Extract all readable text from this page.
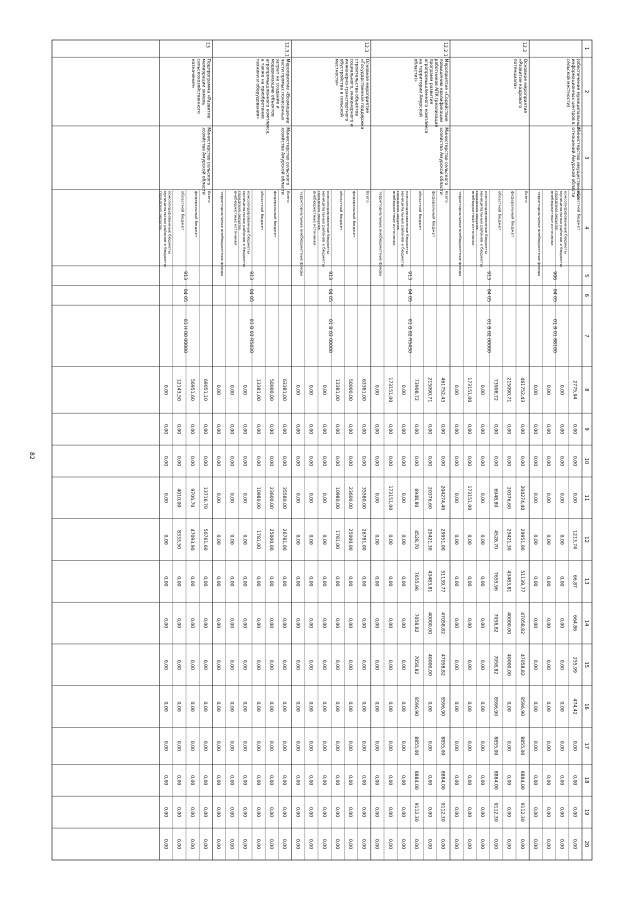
82
1
2
3
4
5
6
7
8
9
10
11
12
13
14
15
16
17
18
19
20
(обеспечение муниципальныхинформационных центров всельской местности)
Министерство имущественныхотношений Амурской области
906
04 05
01 В 01 88100
областной бюджет
2775,94
0,00
0,00
0,00
1213,74
66,87
664,86
255,99
474,42
0,00
0,00
0,00
0,00
консолидированные бюджетымуниципальных районов и бюджетыгородских округов
0,00
0,00
0,00
0,00
0,00
0,00
0,00
0,00
0,00
0,00
0,00
0,00
0,00
внебюджетные источники
0,00
0,00
0,00
0,00
0,00
0,00
0,00
0,00
0,00
0,00
0,00
0,00
0,00
территориальные внебюджетные фонды
0,00
0,00
0,00
0,00
0,00
0,00
0,00
0,00
0,00
0,00
0,00
0,00
0,00
12.2
Основное мероприятие«Развитие кадровогопотенциала»
913
04 05
01 В 02 00000
Всего
461752,43
0,00
0,00
204274,40
29951,00
51139,77
47058,82
47058,82
8596,90
8855,00
8884,00
9112,30
0,00
федеральный бюджет
215090,71
0,00
0,00
20376,60
25421,30
43483,81
40000,00
40000,00
0,00
0,00
0,00
0,00
0,00
областной бюджет
73908,72
0,00
0,00
6948,80
4528,70
7655,96
7058,82
7058,82
8596,90
8855,00
8884,00
9112,30
0,00
консолидированные бюджетымуниципальных районов и бюджетыгородских округов
0,00
0,00
0,00
0,00
0,00
0,00
0,00
0,00
0,00
0,00
0,00
0,00
0,00
внебюджетные источники
173151,00
0,00
0,00
173151,00
0,00
0,00
0,00
0,00
0,00
0,00
0,00
0,00
0,00
территориальные внебюджетные фонды
0,00
0,00
0,00
0,00
0,00
0,00
0,00
0,00
0,00
0,00
0,00
0,00
0,00
12.2.1
Мероприятие «Содействиеповышению квалификацииработников АПК (реализацияпрограмм развитияагропромышленного комплексана территории Амурскойобласти)»
Министерство сельскогохозяйства Амурской области
913
04 05
01 В 02 R5430
Всего
461752,43
0,00
0,00
204274,40
29951,00
51139,77
47058,82
47058,82
8596,90
8855,00
8884,00
9112,30
0,00
федеральный бюджет
215090,71
0,00
0,00
20376,60
25421,30
43483,81
40000,00
40000,00
0,00
0,00
0,00
0,00
0,00
областной бюджет
73908,72
0,00
0,00
6948,80
4528,70
7655,96
7058,82
7058,82
8596,90
8855,00
8884,00
9112,30
0,00
консолидированные бюджетымуниципальных районов и бюджетыгородских округов
0,00
0,00
0,00
0,00
0,00
0,00
0,00
0,00
0,00
0,00
0,00
0,00
0,00
внебюджетные источники
173151,00
0,00
0,00
173151,00
0,00
0,00
0,00
0,00
0,00
0,00
0,00
0,00
0,00
территориальные внебюджетные фонды
0,00
0,00
0,00
0,00
0,00
0,00
0,00
0,00
0,00
0,00
0,00
0,00
0,00
12.3
Основное мероприятие«Государственная поддержкастроительства объектовсоциального, инженерного иинженерно-транспортногообустройства в сельскойместности»
913
04 05
01 В 03 00000
Всего
63381,00
0,00
0,00
35580,00
26781,00
0,00
0,00
0,00
0,00
0,00
0,00
0,00
0,00
федеральный бюджет
50000,00
0,00
0,00
23600,00
25000,00
0,00
0,00
0,00
0,00
0,00
0,00
0,00
0,00
областной бюджет
13381,00
0,00
0,00
10980,00
1781,00
0,00
0,00
0,00
0,00
0,00
0,00
0,00
0,00
консолидированные бюджетымуниципальных районов и бюджетыгородских округов
0,00
0,00
0,00
0,00
0,00
0,00
0,00
0,00
0,00
0,00
0,00
0,00
0,00
внебюджетные источники
0,00
0,00
0,00
0,00
0,00
0,00
0,00
0,00
0,00
0,00
0,00
0,00
0,00
территориальные внебюджетные фонды
0,00
0,00
0,00
0,00
0,00
0,00
0,00
0,00
0,00
0,00
0,00
0,00
0,00
12.3.1
Мероприятие «Возмещениечасти прямых понесенныхзатрат на создание имодернизацию объектовагропромышленного комплекса,а также на приобретениетехники и оборудования»
Министерство сельскогохозяйства Амурской области
913
04 05
01 В 03 R5430
Всего
63381,00
0,00
0,00
35580,00
26781,00
0,00
0,00
0,00
0,00
0,00
0,00
0,00
0,00
федеральный бюджет
50000,00
0,00
0,00
23600,00
25000,00
0,00
0,00
0,00
0,00
0,00
0,00
0,00
0,00
областной бюджет
13381,00
0,00
0,00
10980,00
1781,00
0,00
0,00
0,00
0,00
0,00
0,00
0,00
0,00
консолидированные бюджетымуниципальных районов и бюджетыгородских округов
0,00
0,00
0,00
0,00
0,00
0,00
0,00
0,00
0,00
0,00
0,00
0,00
0,00
внебюджетные источники
0,00
0,00
0,00
0,00
0,00
0,00
0,00
0,00
0,00
0,00
0,00
0,00
0,00
территориальные внебюджетные фонды
0,00
0,00
0,00
0,00
0,00
0,00
0,00
0,00
0,00
0,00
0,00
0,00
0,00
13
Подпрограмма «Развитиемелиорации земельсельскохозяйственногоназначения»
Министерство сельскогохозяйства Амурской области
913
04 05
01 Н 00 00000
Всего
69051,10
0,00
0,00
13716,70
50761,60
0,00
0,00
0,00
0,00
0,00
0,00
0,00
0,00
федеральный бюджет
56951,60
0,00
0,00
9706,70
47093,90
0,00
0,00
0,00
0,00
0,00
0,00
0,00
0,00
областной бюджет
12143,50
0,00
0,00
4010,00
8333,50
0,00
0,00
0,00
0,00
0,00
0,00
0,00
0,00
консолидированные бюджетымуниципальных районов и бюджетыгородских округов
0,00
0,00
0,00
0,00
0,00
0,00
0,00
0,00
0,00
0,00
0,00
0,00
0,00
